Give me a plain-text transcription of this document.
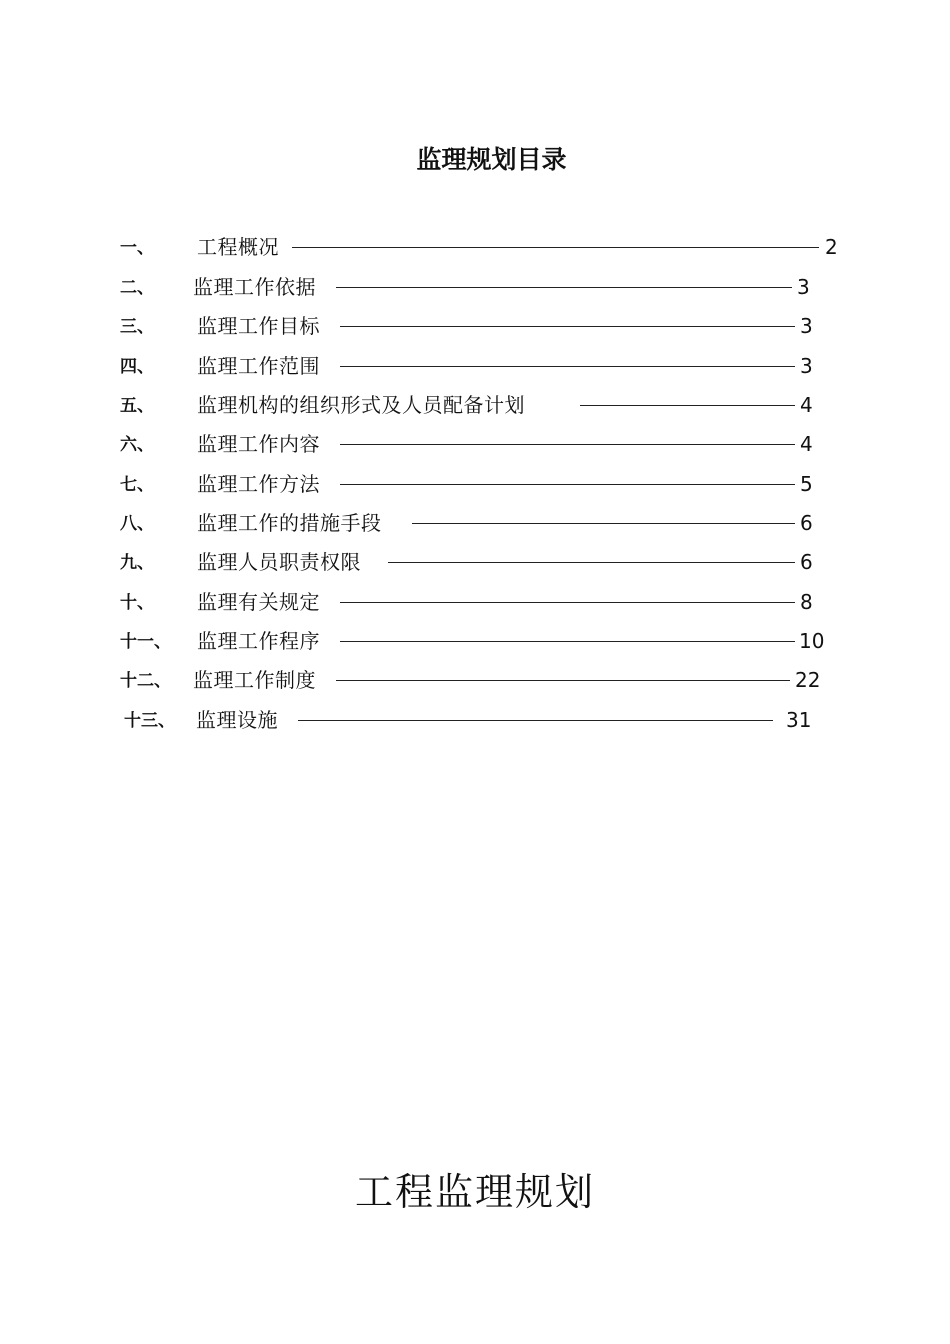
监理规划目录
一、 工程概况	2
二、 监理工作依据	3
三、 监理工作目标	3
四、 监理工作范围	3
五、 监理机构的组织形式及人员配备计划	4
六、 监理工作内容	4
七、 监理工作方法	5
八、 监理工作的措施手段	6
九、 监理人员职责权限	6
十、 监理有关规定	8
十一、 监理工作程序	10
十二、 监理工作制度	22
十三、 监理设施	31
工程监理规划
